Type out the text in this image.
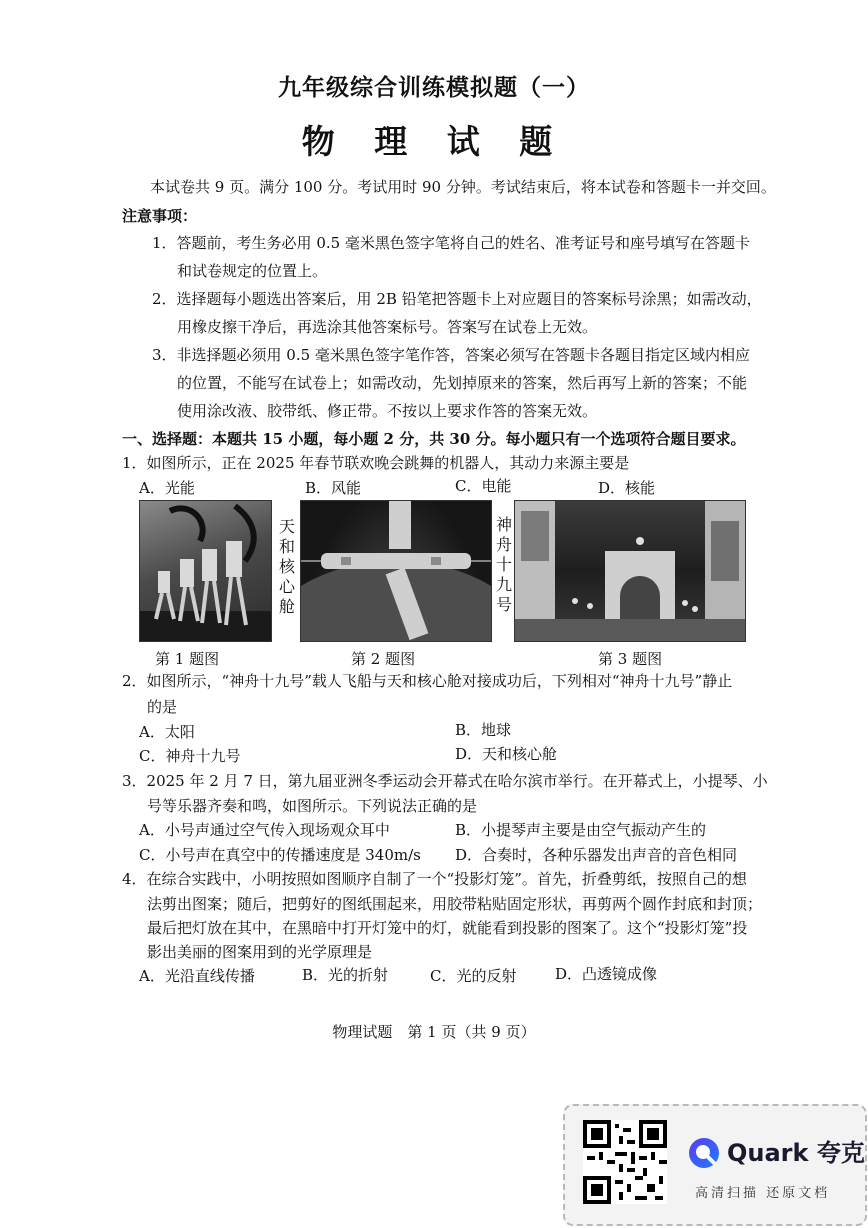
九年级综合训练模拟题（一）
物 理 试 题
本试卷共 9 页。满分 100 分。考试用时 90 分钟。考试结束后，将本试卷和答题卡一并交回。
注意事项：
1．答题前，考生务必用 0.5 毫米黑色签字笔将自己的姓名、准考证号和座号填写在答题卡
和试卷规定的位置上。
2．选择题每小题选出答案后，用 2B 铅笔把答题卡上对应题目的答案标号涂黑；如需改动，
用橡皮擦干净后，再选涂其他答案标号。答案写在试卷上无效。
3．非选择题必须用 0.5 毫米黑色签字笔作答，答案必须写在答题卡各题目指定区域内相应
的位置，不能写在试卷上；如需改动，先划掉原来的答案，然后再写上新的答案；不能
使用涂改液、胶带纸、修正带。不按以上要求作答的答案无效。
一、选择题：本题共 15 小题，每小题 2 分，共 30 分。每小题只有一个选项符合题目要求。
1．如图所示，正在 2025 年春节联欢晚会跳舞的机器人，其动力来源主要是
A．光能	B．风能	C．电能	D．核能
天和核心舱
神舟十九号
第 1 题图	第 2 题图	第 3 题图
2．如图所示，“神舟十九号”载人飞船与天和核心舱对接成功后，下列相对“神舟十九号”静止
的是
A．太阳	B．地球
C．神舟十九号	D．天和核心舱
3．2025 年 2 月 7 日，第九届亚洲冬季运动会开幕式在哈尔滨市举行。在开幕式上，小提琴、小
号等乐器齐奏和鸣，如图所示。下列说法正确的是
A．小号声通过空气传入现场观众耳中	B．小提琴声主要是由空气振动产生的
C．小号声在真空中的传播速度是 340m/s D．合奏时，各种乐器发出声音的音色相同
4．在综合实践中，小明按照如图顺序自制了一个“投影灯笼”。首先，折叠剪纸，按照自己的想
法剪出图案；随后，把剪好的图纸围起来，用胶带粘贴固定形状，再剪两个圆作封底和封顶；
最后把灯放在其中，在黑暗中打开灯笼中的灯，就能看到投影的图案了。这个“投影灯笼”投
影出美丽的图案用到的光学原理是
A．光沿直线传播	B．光的折射	C．光的反射	D．凸透镜成像
物理试题　第 1 页（共 9 页）
Quark 夸克
高清扫描 还原文档
